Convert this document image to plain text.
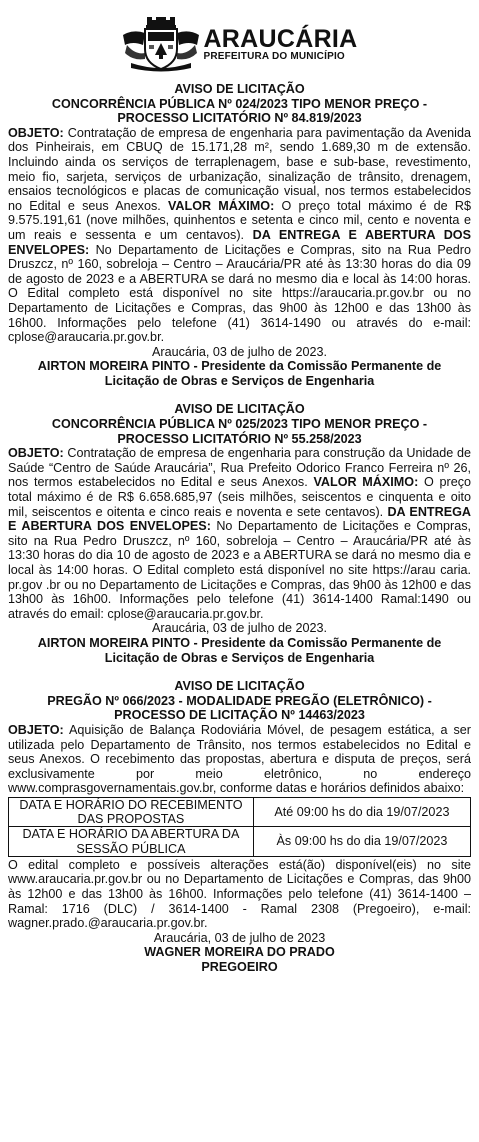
ARAUCÁRIA
PREFEITURA DO MUNICÍPIO
AVISO DE LICITAÇÃO
CONCORRÊNCIA PÚBLICA Nº 024/2023 TIPO MENOR PREÇO -
PROCESSO LICITATÓRIO Nº 84.819/2023
OBJETO: Contratação de empresa de engenharia para pavimentação da Avenida dos Pinheirais, em CBUQ de 15.171,28 m², sendo 1.689,30 m de extensão. Incluindo ainda os serviços de terraplenagem, base e sub-base, revestimento, meio fio, sarjeta, serviços de urbanização, sinalização de trânsito, drenagem, ensaios tecnológicos e placas de comunicação visual, nos termos estabelecidos no Edital e seus Anexos. VALOR MÁXIMO: O preço total máximo é de R$ 9.575.191,61 (nove milhões, quinhentos e setenta e cinco mil, cento e noventa e um reais e sessenta e um centavos). DA ENTREGA E ABERTURA DOS ENVELOPES: No Departamento de Licitações e Compras, sito na Rua Pedro Druszcz, nº 160, sobreloja – Centro – Araucária/PR até às 13:30 horas do dia 09 de agosto de 2023 e a ABERTURA se dará no mesmo dia e local às 14:00 horas. O Edital completo está disponível no site https://araucaria.pr.gov.br ou no Departamento de Licitações e Compras, das 9h00 às 12h00 e das 13h00 às 16h00. Informações pelo telefone (41) 3614-1490 ou através do e-mail: cplose@araucaria.pr.gov.br.
Araucária, 03 de julho de 2023.
AIRTON MOREIRA PINTO - Presidente da Comissão Permanente de
Licitação de Obras e Serviços de Engenharia
AVISO DE LICITAÇÃO
CONCORRÊNCIA PÚBLICA Nº 025/2023 TIPO MENOR PREÇO -
PROCESSO LICITATÓRIO Nº 55.258/2023
OBJETO: Contratação de empresa de engenharia para construção da Unidade de Saúde “Centro de Saúde Araucária”, Rua Prefeito Odorico Franco Ferreira nº 26, nos termos estabelecidos no Edital e seus Anexos. VALOR MÁXIMO: O preço total máximo é de R$ 6.658.685,97 (seis milhões, seiscentos e cinquenta e oito mil, seiscentos e oitenta e cinco reais e noventa e sete centavos). DA ENTREGA E ABERTURA DOS ENVELOPES: No Departamento de Licitações e Compras, sito na Rua Pedro Druszcz, nº 160, sobreloja – Centro – Araucária/PR até às 13:30 horas do dia 10 de agosto de 2023 e a ABERTURA se dará no mesmo dia e local às 14:00 horas. O Edital completo está disponível no site https://arau caria. pr.gov .br ou no Departamento de Licitações e Compras, das 9h00 às 12h00 e das 13h00 às 16h00. Informações pelo telefone (41) 3614-1400 Ramal:1490 ou através do email: cplose@araucaria.pr.gov.br.
Araucária, 03 de julho de 2023.
AIRTON MOREIRA PINTO - Presidente da Comissão Permanente de
Licitação de Obras e Serviços de Engenharia
AVISO DE LICITAÇÃO
PREGÃO Nº 066/2023 - MODALIDADE PREGÃO (ELETRÔNICO) -
PROCESSO DE LICITAÇÃO Nº 14463/2023
OBJETO: Aquisição de Balança Rodoviária Móvel, de pesagem estática, a ser utilizada pelo Departamento de Trânsito, nos termos estabelecidos no Edital e seus Anexos. O recebimento das propostas, abertura e disputa de preços, será exclusivamente por meio eletrônico, no endereço www.comprasgovernamentais.gov.br, conforme datas e horários definidos abaixo:
DATA E HORÁRIO DO RECEBIMENTO DAS PROPOSTAS	Até 09:00 hs do dia 19/07/2023
DATA E HORÁRIO DA ABERTURA DA SESSÃO PÚBLICA	Às 09:00 hs do dia 19/07/2023
O edital completo e possíveis alterações está(ão) disponível(eis) no site www.araucaria.pr.gov.br ou no Departamento de Licitações e Compras, das 9h00 às 12h00 e das 13h00 às 16h00. Informações pelo telefone (41) 3614-1400 – Ramal: 1716 (DLC) / 3614-1400 - Ramal 2308 (Pregoeiro), e-mail: wagner.prado.@araucaria.pr.gov.br.
Araucária, 03 de julho de 2023
WAGNER MOREIRA DO PRADO
PREGOEIRO
